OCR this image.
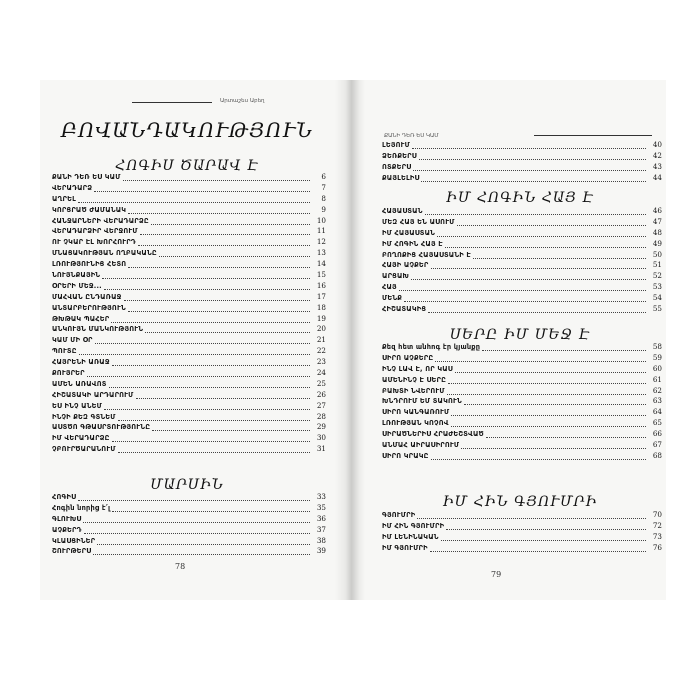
Արտաշես Աբեղ
ԲՈՎԱՆԴԱԿՈՒԹՅՈՒՆ
ՀՈԳԻՍ ԾԱՐԱՎ Է
ՔԱՆԻ ԴԵՌ ԵՍ ԿԱՄ	6
ՎԵՐԱԴԱՐՁ	7
ԱՂՐԵԼ	8
ԿՈՐՑՐԱԾ ԺԱՄԱՆԱԿ	9
ՀԱՆՋԱՐՆԵՐԻ ՎԵՐԱԴԱՐՁԸ	10
ՎԵՐԱԴԱՐՁԻՐ ՎԵՐՋՈՒՄ	11
ՈՒ ՉԿԱՐ ԷԼ ԽՈՐՀՈՒՐԴ	12
ՄՆԱՑԱԿՈՒԹՅԱՆ ՈՂԲԱԿԱՆԸ	13
ԼՌՈՒԹՅՈՒՆԻՑ ՀԵՏՈ	14
ՆՈՒՅՆՔԱՅԻՆ	15
ՕՐԵՐԻ ՄԵՋ...	16
ՄԱՀՎԱՆ ԸՆԴԱՌԱՋ	17
ԱՆՏԱՐԲԵՐՈՒԹՅՈՒՆ	18
ԹԽԹԱԿ ՊԱՀԵՐ	19
ԱՆԿՈՒՅՆ ՄԱՆԿՈՒԹՅՈՒՆ	20
ԿԱՄ ՄԻ ՕՐ	21
ՊՈՒՏԸ	22
ՀԱՅՐԵՆԻ ԱՌԱՋ	23
ՔՈՒՅՐԵՐ	24
ԱՄԵՆ ԱՌԱՎՈՏ	25
ՀԻՇԱՏԱԿԻ ԱՐԴԱՐՈՒՄ	26
ԵՍ ԻՆՉ ԱՆԵՄ	27
ԻՆՉԻ ՔԵԶ ԳՏՆԵՄ	28
ԱՍՏԾՈ ԳԹԱՍՐՏՈՒԹՅՈՒՆԸ	29
ԻՄ ՎԵՐԱԴԱՐՁԸ	30
ՉԲՈՒՐԾԱՐԱՆՈՒՄ	31
ՄԱՐՍԻՆ
ՀՈԳԻՍ	33
Հոգին նորից է՛լ	35
ԳԼՈՒԽՍ	36
ԱՉՔԵՐԴ	37
ԿԼԱՍՑԻՆԵՐ	38
ՇՈՒՐԹԵՐՍ	39
78
ՔԱՆԻ ԴԵՌ ԵՍ ԿԱՄ
ԼԵՅՈՒՄ	40
ՁԵՌՔԵՐՍ	42
ՈՏՔԵՐՍ	43
ՔԱՅԼԵԼԻՍ	44
ԻՄ ՀՈԳԻՆ ՀԱՅ Է
ՀԱՅԱՍՏԱՆ	46
ՄԵԶ ՀԱՅ ԵՆ ԱՍՈՒՄ	47
ԻՄ ՀԱՅԱՍՏԱՆ	48
ԻՄ ՀՈԳԻՆ ՀԱՅ Է	49
ԲՈՂՈՔԻՑ ՀԱՅԱՍՏԱՆԻ Է	50
ՀԱՅԻ ԱՉՔԵՐ	51
ԱՐՑԱԽ	52
ՀԱՅ	53
ՄԵՆՔ	54
ՀԻՇԱՏԱԿԻՑ	55
ՍԵՐԸ ԻՄ ՄԵՋ Է
Քեզ հետ անհոգ էր կյանքը	58
ՍԻՐՈ ԱՉՔԵՐԸ	59
ԻՆՉ ԼԱՎ Է, ՈՐ ԿԱՍ	60
ԱՄԵՆԻՆՉ Է ՍԵՐԸ	61
ԲԱԽՏԻ ՆՎԵՐՈՒՄ	62
ԽՆԴՐՈՒՄ ԵՄ ՏԱԿՈՒՆ	63
ՍԻՐՈ ԿԱՆԳԱՌՈՒՄ	64
ԼՌՈՒԹՅԱՆ ԿՈՉՈՎ	65
ՍԻՐԱԾՆԵՐԻՍ ՀՐԱԺԵՇՏՎԱԾ	66
ԱՆՄԱՀ ԱԻՐԱՍԻՐՈՒՄ	67
ՍԻՐՈ ԿՐԱԿԸ	68
ԻՄ ՀԻՆ ԳՅՈՒՄՐԻ
ԳՅՈՒՄՐԻ	70
ԻՄ ՀԻՆ ԳՅՈՒՄՐԻ	72
ԻՄ ԼԵՆԻՆԱԿԱՆ	73
ԻՄ ԳՅՈՒՄՐԻ	76
79
